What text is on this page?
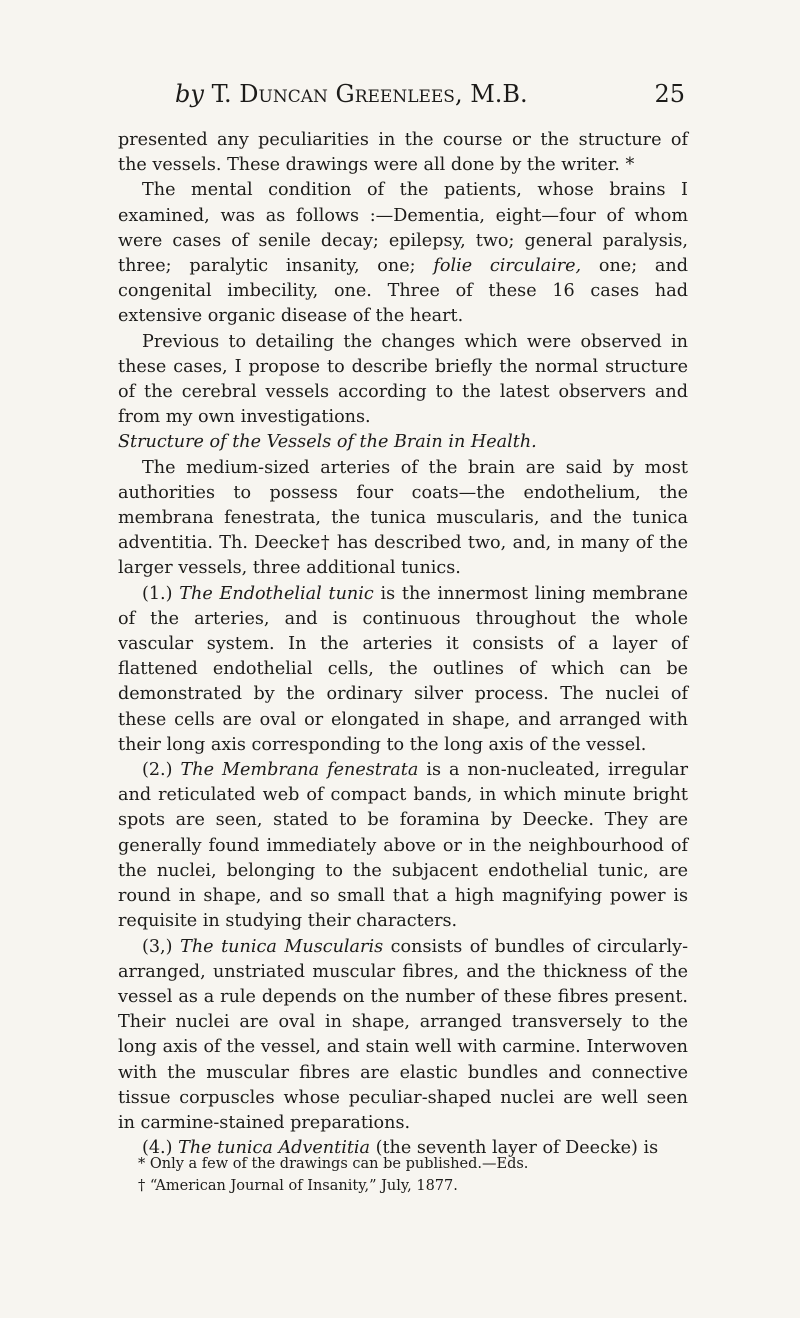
by T. Duncan Greenlees, M.B.	25

presented any peculiarities in the course or the structure of the vessels. These drawings were all done by the writer. *

The mental condition of the patients, whose brains I examined, was as follows :—Dementia, eight—four of whom were cases of senile decay; epilepsy, two; general paralysis, three; paralytic insanity, one; folie circulaire, one; and congenital imbecility, one. Three of these 16 cases had extensive organic disease of the heart.

Previous to detailing the changes which were observed in these cases, I propose to describe briefly the normal structure of the cerebral vessels according to the latest observers and from my own investigations.

Structure of the Vessels of the Brain in Health.

The medium-sized arteries of the brain are said by most authorities to possess four coats—the endothelium, the membrana fenestrata, the tunica muscularis, and the tunica adventitia. Th. Deecke† has described two, and, in many of the larger vessels, three additional tunics.

(1.) The Endothelial tunic is the innermost lining membrane of the arteries, and is continuous throughout the whole vascular system. In the arteries it consists of a layer of flattened endothelial cells, the outlines of which can be demonstrated by the ordinary silver process. The nuclei of these cells are oval or elongated in shape, and arranged with their long axis corresponding to the long axis of the vessel.

(2.) The Membrana fenestrata is a non-nucleated, irregular and reticulated web of compact bands, in which minute bright spots are seen, stated to be foramina by Deecke. They are generally found immediately above or in the neighbourhood of the nuclei, belonging to the subjacent endothelial tunic, are round in shape, and so small that a high magnifying power is requisite in studying their characters.

(3,) The tunica Muscularis consists of bundles of circularly-arranged, unstriated muscular fibres, and the thickness of the vessel as a rule depends on the number of these fibres present. Their nuclei are oval in shape, arranged transversely to the long axis of the vessel, and stain well with carmine. Interwoven with the muscular fibres are elastic bundles and connective tissue corpuscles whose peculiar-shaped nuclei are well seen in carmine-stained preparations.

(4.) The tunica Adventitia (the seventh layer of Deecke) is

* Only a few of the drawings can be published.—Eds.

† “American Journal of Insanity,” July, 1877.
